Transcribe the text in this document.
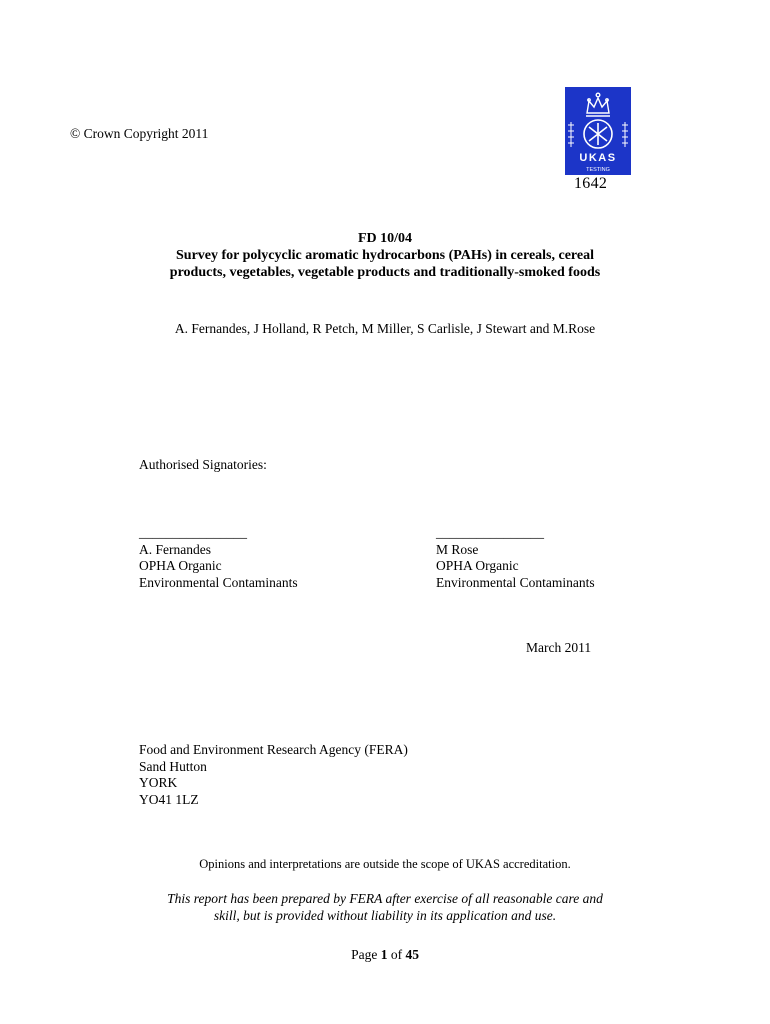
© Crown Copyright 2011
UKAS
TESTING
1642
FD 10/04
Survey for polycyclic aromatic hydrocarbons (PAHs) in cereals, cereal
products, vegetables, vegetable products and traditionally-smoked foods
A. Fernandes, J Holland, R Petch, M Miller, S Carlisle, J Stewart and M.Rose
Authorised Signatories:
________________
A. Fernandes
OPHA Organic
Environmental Contaminants
________________
M Rose
OPHA Organic
Environmental Contaminants
March 2011
Food and Environment Research Agency (FERA)
Sand Hutton
YORK
YO41 1LZ
Opinions and interpretations are outside the scope of UKAS accreditation.
This report has been prepared by FERA after exercise of all reasonable care and
skill, but is provided without liability in its application and use.
Page 1 of 45
